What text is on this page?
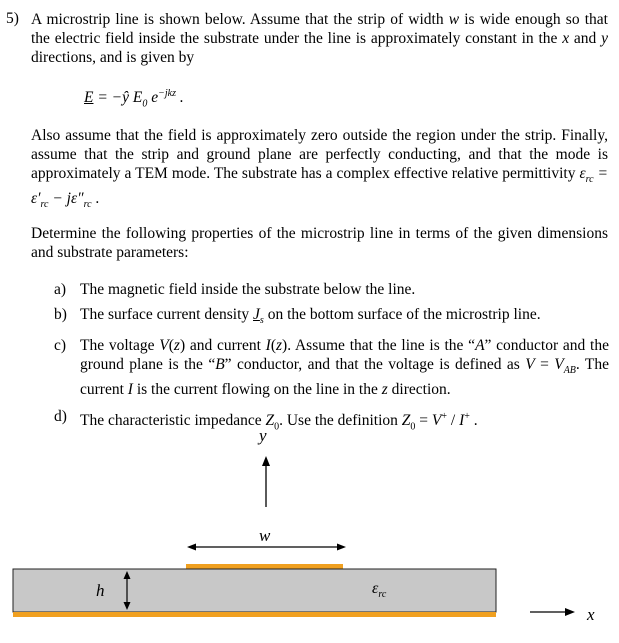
5) A microstrip line is shown below. Assume that the strip of width w is wide enough so that the electric field inside the substrate under the line is approximately constant in the x and y directions, and is given by
E = −ŷ $E_0$ $e^{-jkz}$ .
Also assume that the field is approximately zero outside the region under the strip. Finally, assume that the strip and ground plane are perfectly conducting, and that the mode is approximately a TEM mode. The substrate has a complex effective relative permittivity $\varepsilon_{rc} = \varepsilon'_{rc} - j\varepsilon''_{rc}$ .
Determine the following properties of the microstrip line in terms of the given dimensions and substrate parameters:
a) The magnetic field inside the substrate below the line.
b) The surface current density $J_s$ on the bottom surface of the microstrip line.
c) The voltage V(z) and current I(z). Assume that the line is the “A” conductor and the ground plane is the “B” conductor, and that the voltage is defined as $V = V_{AB}$. The current I is the current flowing on the line in the z direction.
d) The characteristic impedance $Z_0$. Use the definition $Z_0 = V^+ / I^+$ .
y
w
h	$\varepsilon_{rc}$
x
